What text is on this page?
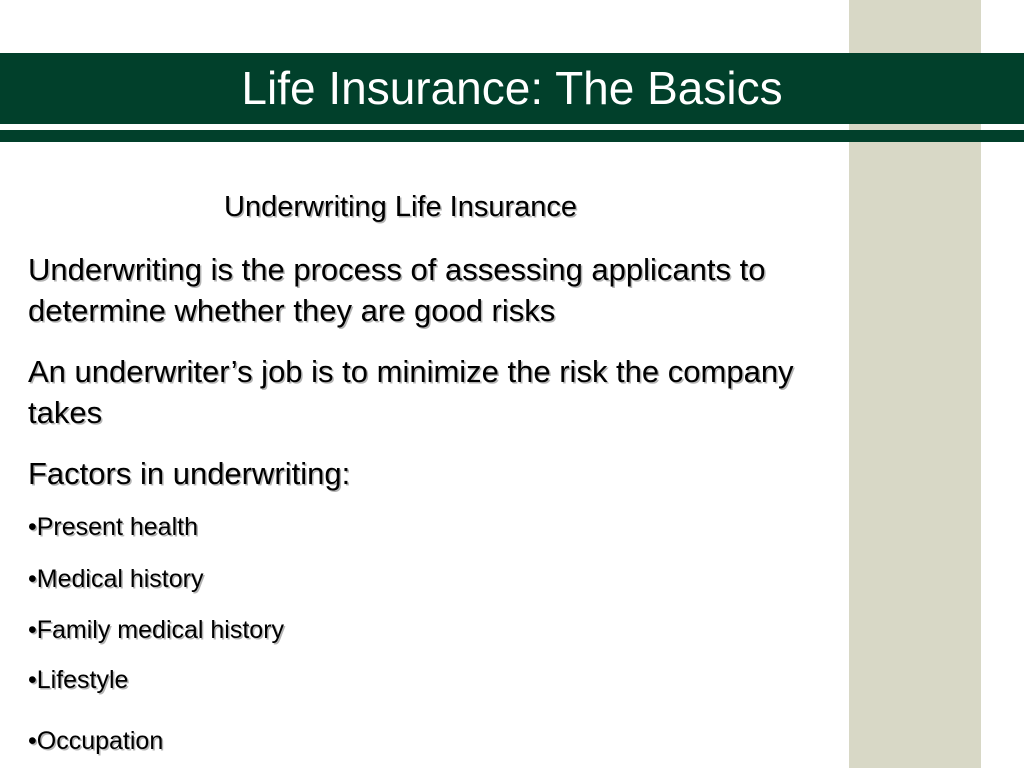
Life Insurance: The Basics
Underwriting Life Insurance
Underwriting is the process of assessing applicants to determine whether they are good risks
An underwriter’s job is to minimize the risk the company takes
Factors in underwriting:
•Present health
•Medical history
•Family medical history
•Lifestyle
•Occupation
